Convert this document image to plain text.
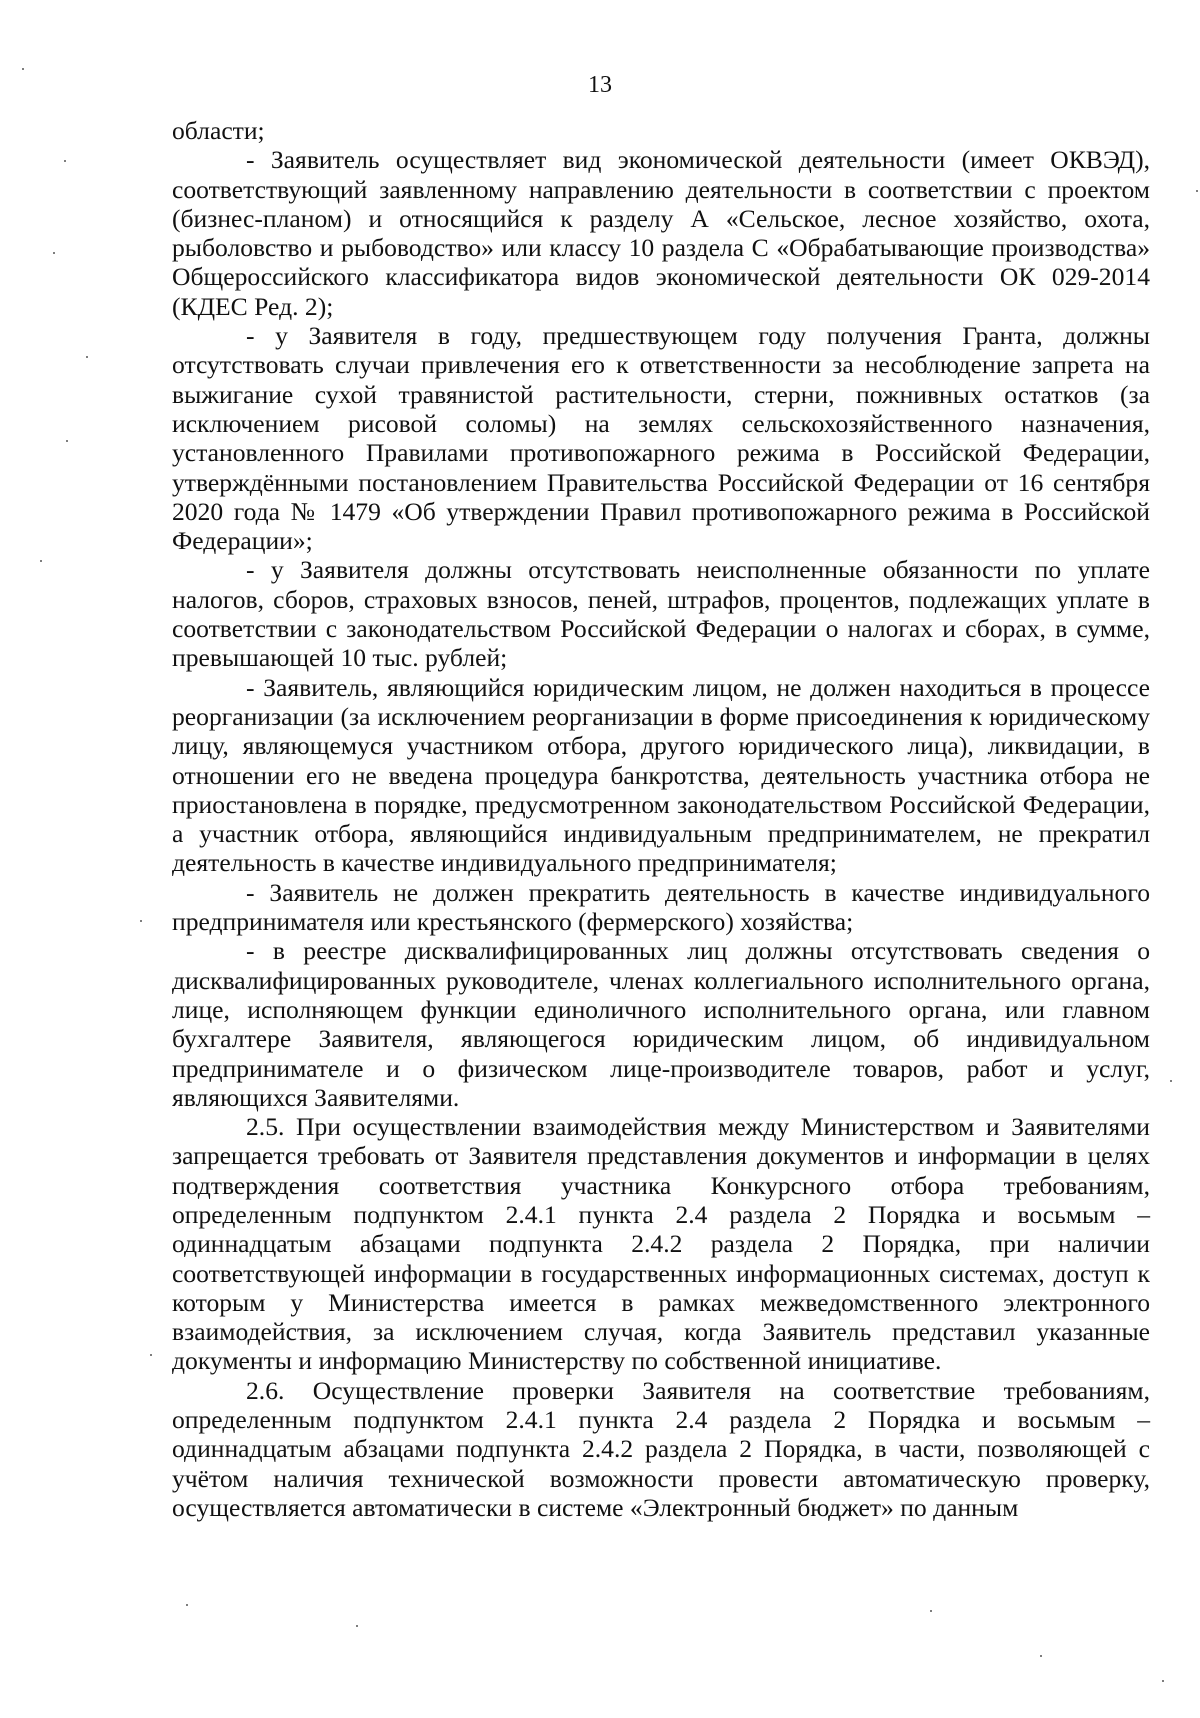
13

области;

- Заявитель осуществляет вид экономической деятельности (имеет ОКВЭД), соответствующий заявленному направлению деятельности в соответствии с проектом (бизнес-планом) и относящийся к разделу А «Сельское, лесное хозяйство, охота, рыболовство и рыбоводство» или классу 10 раздела С «Обрабатывающие производства» Общероссийского классификатора видов экономической деятельности ОК 029-2014 (КДЕС Ред. 2);

- у Заявителя в году, предшествующем году получения Гранта, должны отсутствовать случаи привлечения его к ответственности за несоблюдение запрета на выжигание сухой травянистой растительности, стерни, пожнивных остатков (за исключением рисовой соломы) на землях сельскохозяйственного назначения, установленного Правилами противопожарного режима в Российской Федерации, утверждёнными постановлением Правительства Российской Федерации от 16 сентября 2020 года № 1479 «Об утверждении Правил противопожарного режима в Российской Федерации»;

- у Заявителя должны отсутствовать неисполненные обязанности по уплате налогов, сборов, страховых взносов, пеней, штрафов, процентов, подлежащих уплате в соответствии с законодательством Российской Федерации о налогах и сборах, в сумме, превышающей 10 тыс. рублей;

- Заявитель, являющийся юридическим лицом, не должен находиться в процессе реорганизации (за исключением реорганизации в форме присоединения к юридическому лицу, являющемуся участником отбора, другого юридического лица), ликвидации, в отношении его не введена процедура банкротства, деятельность участника отбора не приостановлена в порядке, предусмотренном законодательством Российской Федерации, а участник отбора, являющийся индивидуальным предпринимателем, не прекратил деятельность в качестве индивидуального предпринимателя;

- Заявитель не должен прекратить деятельность в качестве индивидуального предпринимателя или крестьянского (фермерского) хозяйства;

- в реестре дисквалифицированных лиц должны отсутствовать сведения о дисквалифицированных руководителе, членах коллегиального исполнительного органа, лице, исполняющем функции единоличного исполнительного органа, или главном бухгалтере Заявителя, являющегося юридическим лицом, об индивидуальном предпринимателе и о физическом лице-производителе товаров, работ и услуг, являющихся Заявителями.

2.5. При осуществлении взаимодействия между Министерством и Заявителями запрещается требовать от Заявителя представления документов и информации в целях подтверждения соответствия участника Конкурсного отбора требованиям, определенным подпунктом 2.4.1 пункта 2.4 раздела 2 Порядка и восьмым – одиннадцатым абзацами подпункта 2.4.2 раздела 2 Порядка, при наличии соответствующей информации в государственных информационных системах, доступ к которым у Министерства имеется в рамках межведомственного электронного взаимодействия, за исключением случая, когда Заявитель представил указанные документы и информацию Министерству по собственной инициативе.

2.6. Осуществление проверки Заявителя на соответствие требованиям, определенным подпунктом 2.4.1 пункта 2.4 раздела 2 Порядка и восьмым – одиннадцатым абзацами подпункта 2.4.2 раздела 2 Порядка, в части, позволяющей с учётом наличия технической возможности провести автоматическую проверку, осуществляется автоматически в системе «Электронный бюджет» по данным
